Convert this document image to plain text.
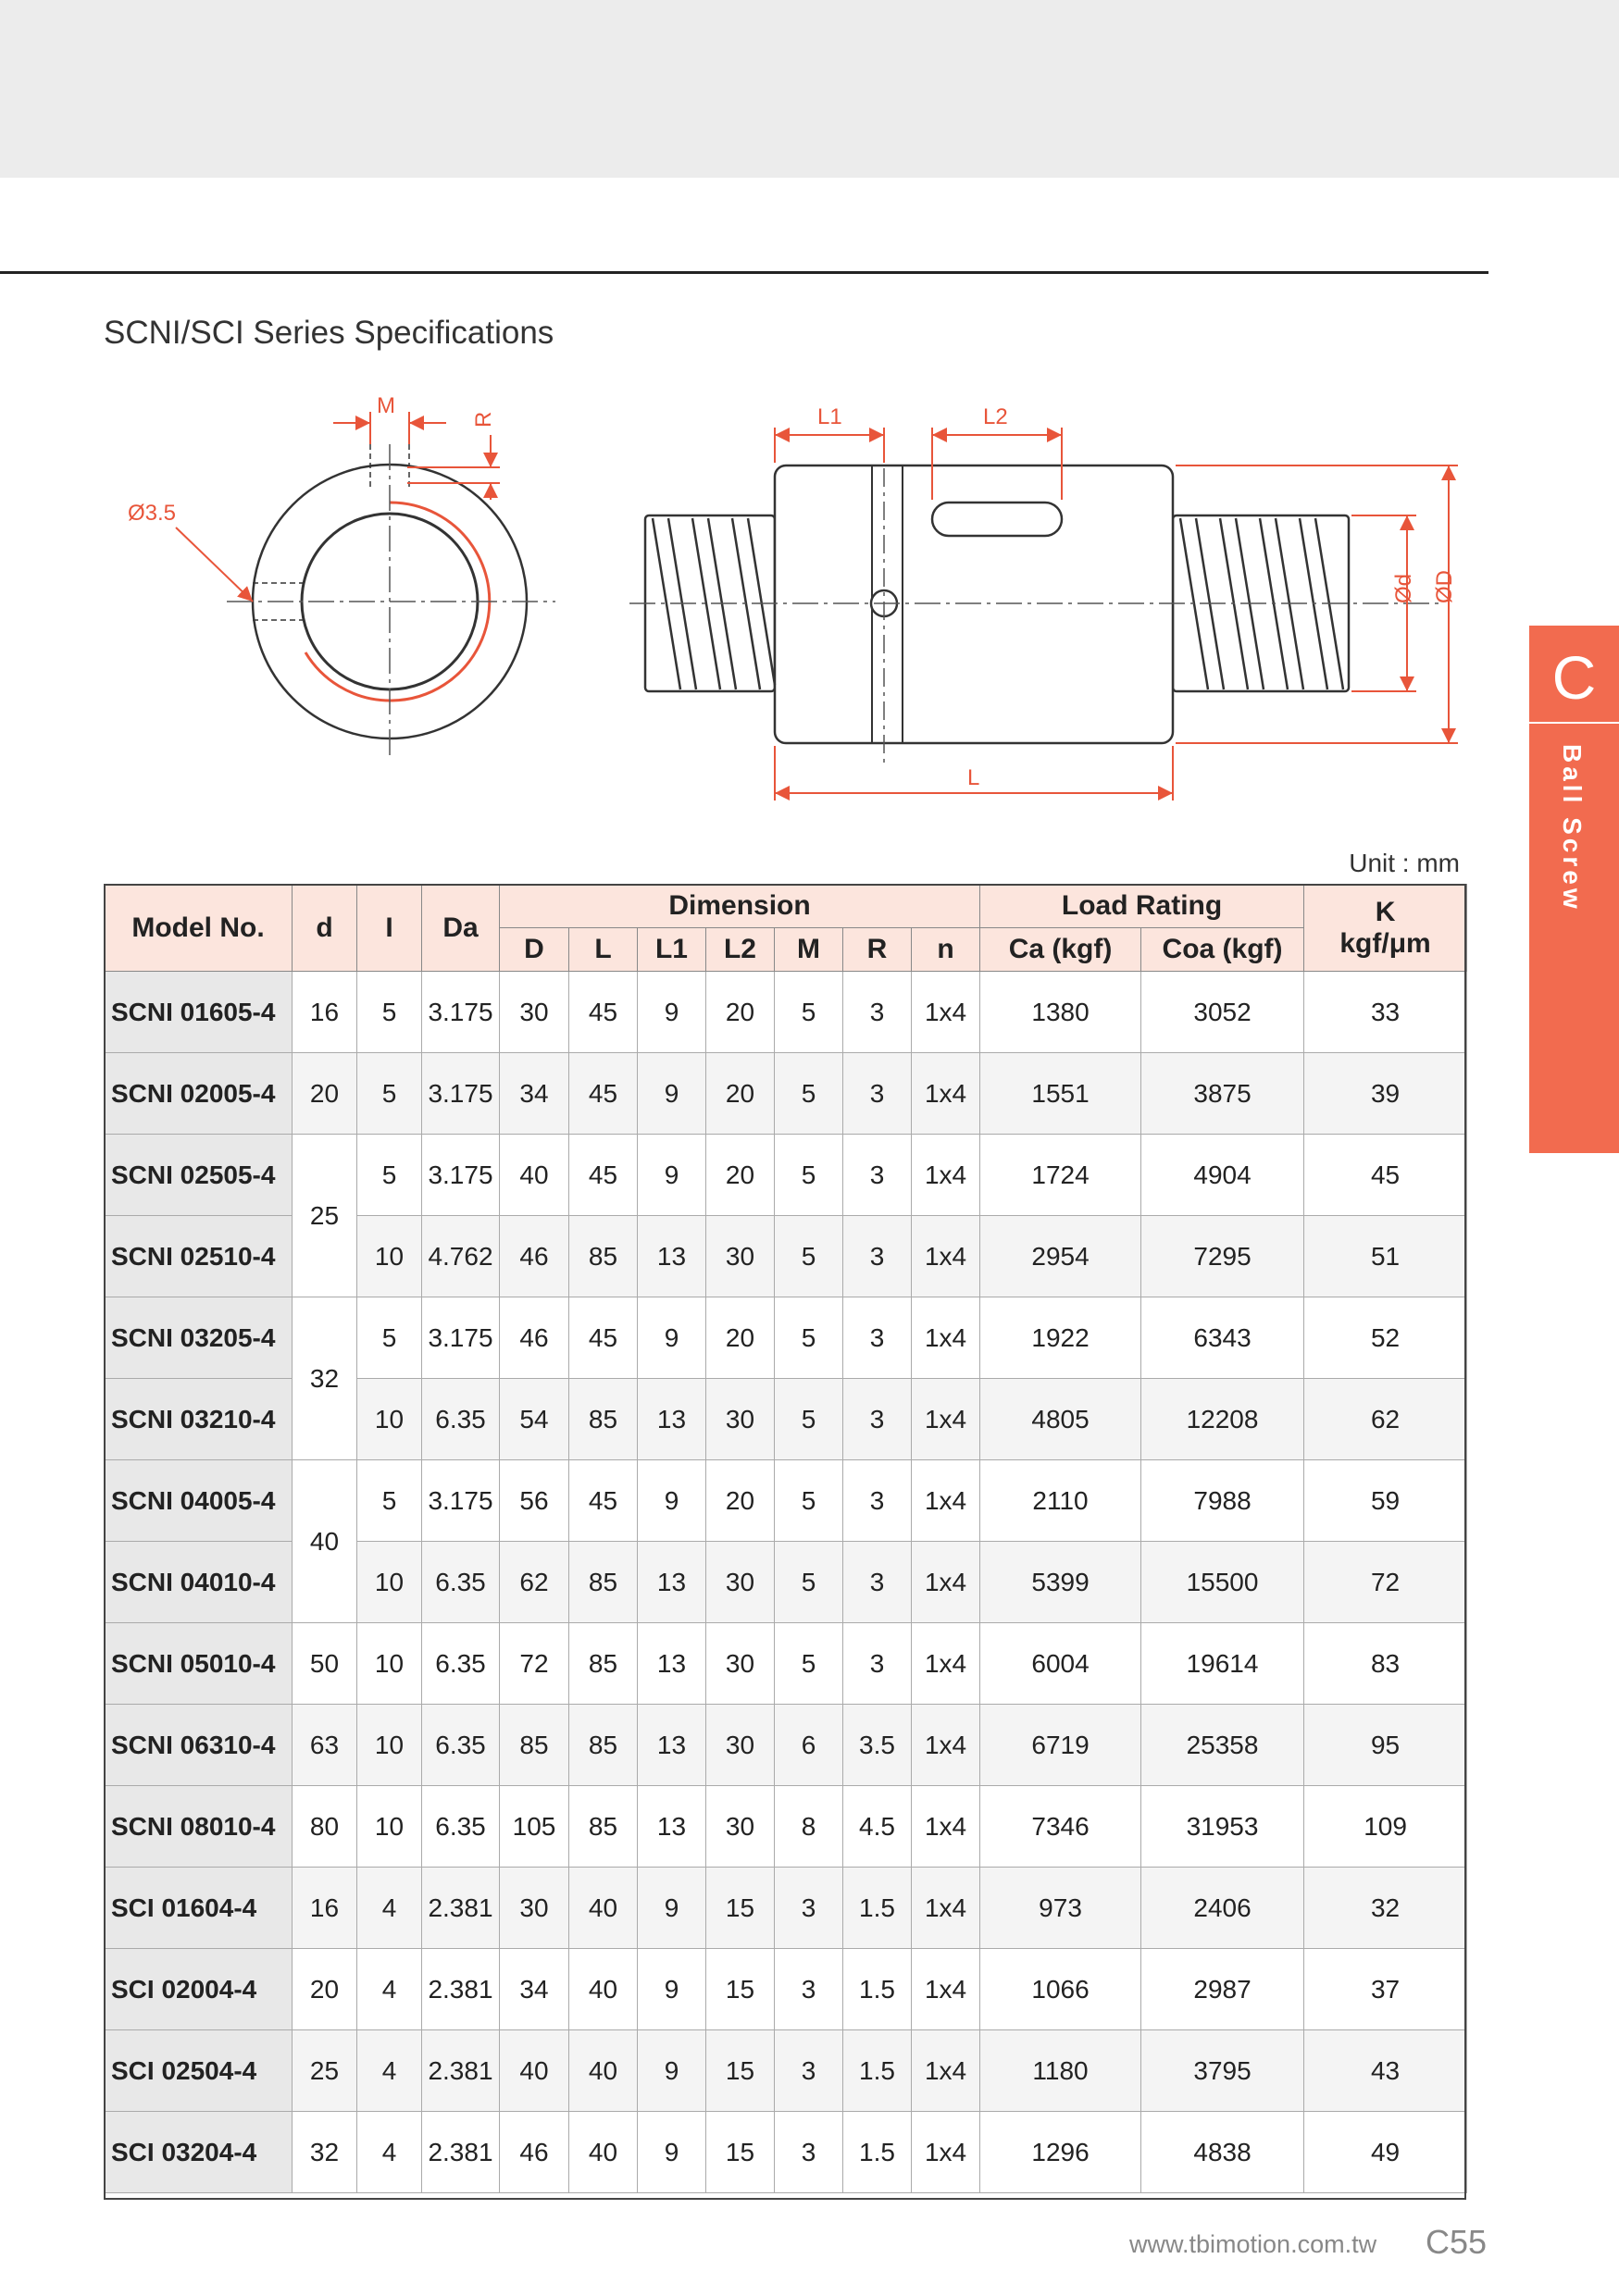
SCNI/SCI Series Specifications
C
Ball Screw
M
R
Ø3.5
L1	L2
L
Ød ØD
Unit : mm
Model No.	d	I	Da	Dimension							Load Rating		K
kgf/μm

				D	L	L1	L2	M	R	n	Ca (kgf)	Coa (kgf)	
SCNI 01605-4	16	5	3.175	30	45	9	20	5	3	1x4	1380	3052	33
SCNI 02005-4	20	5	3.175	34	45	9	20	5	3	1x4	1551	3875	39
SCNI 02505-4	25	5	3.175	40	45	9	20	5	3	1x4	1724	4904	45
SCNI 02510-4		10	4.762	46	85	13	30	5	3	1x4	2954	7295	51
SCNI 03205-4	32	5	3.175	46	45	9	20	5	3	1x4	1922	6343	52
SCNI 03210-4		10	6.35	54	85	13	30	5	3	1x4	4805	12208	62
SCNI 04005-4	40	5	3.175	56	45	9	20	5	3	1x4	2110	7988	59
SCNI 04010-4		10	6.35	62	85	13	30	5	3	1x4	5399	15500	72
SCNI 05010-4	50	10	6.35	72	85	13	30	5	3	1x4	6004	19614	83
SCNI 06310-4	63	10	6.35	85	85	13	30	6	3.5	1x4	6719	25358	95
SCNI 08010-4	80	10	6.35	105	85	13	30	8	4.5	1x4	7346	31953	109
SCI 01604-4	16	4	2.381	30	40	9	15	3	1.5	1x4	973	2406	32
SCI 02004-4	20	4	2.381	34	40	9	15	3	1.5	1x4	1066	2987	37
SCI 02504-4	25	4	2.381	40	40	9	15	3	1.5	1x4	1180	3795	43
SCI 03204-4	32	4	2.381	46	40	9	15	3	1.5	1x4	1296	4838	49
www.tbimotion.com.tw C55
